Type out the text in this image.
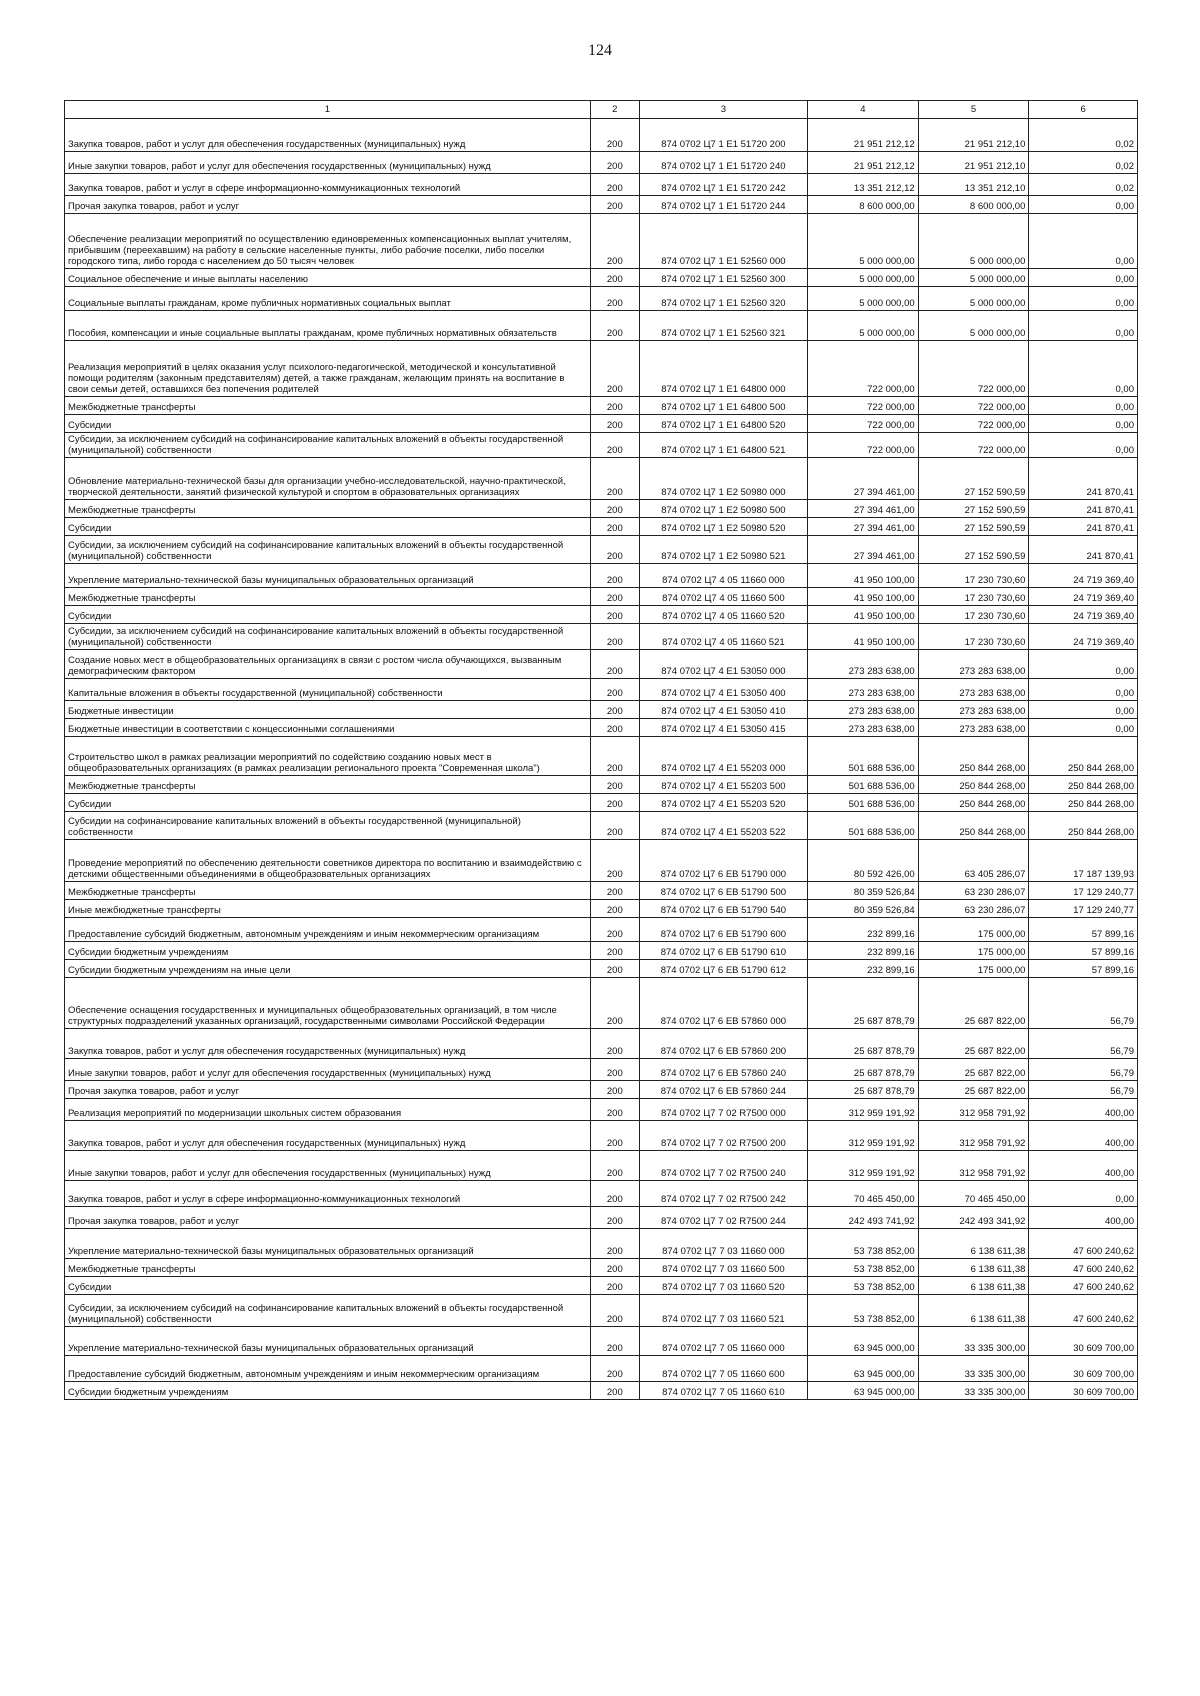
124
1	2	3	4	5	6
Закупка товаров, работ и услуг для обеспечения государственных (муниципальных) нужд	200	874 0702 Ц7 1 Е1 51720 200	21 951 212,12	21 951 212,10	0,02
Иные закупки товаров, работ и услуг для обеспечения государственных (муниципальных) нужд	200	874 0702 Ц7 1 Е1 51720 240	21 951 212,12	21 951 212,10	0,02
Закупка товаров, работ и услуг в сфере информационно-коммуникационных технологий	200	874 0702 Ц7 1 Е1 51720 242	13 351 212,12	13 351 212,10	0,02
Прочая закупка товаров, работ и услуг	200	874 0702 Ц7 1 Е1 51720 244	8 600 000,00	8 600 000,00	0,00
Обеспечение реализации мероприятий по осуществлению единовременных компенсационных выплат учителям, прибывшим (переехавшим) на работу в сельские населенные пункты, либо рабочие поселки, либо поселки городского типа, либо города с населением до 50 тысяч человек	200	874 0702 Ц7 1 Е1 52560 000	5 000 000,00	5 000 000,00	0,00
Социальное обеспечение и иные выплаты населению	200	874 0702 Ц7 1 Е1 52560 300	5 000 000,00	5 000 000,00	0,00
Социальные выплаты гражданам, кроме публичных нормативных социальных выплат	200	874 0702 Ц7 1 Е1 52560 320	5 000 000,00	5 000 000,00	0,00
Пособия, компенсации и иные социальные выплаты гражданам, кроме публичных нормативных обязательств	200	874 0702 Ц7 1 Е1 52560 321	5 000 000,00	5 000 000,00	0,00
Реализация мероприятий в целях оказания услуг психолого-педагогической, методической и консультативной помощи родителям (законным представителям) детей, а также гражданам, желающим принять на воспитание в свои семьи детей, оставшихся без попечения родителей	200	874 0702 Ц7 1 Е1 64800 000	722 000,00	722 000,00	0,00
Межбюджетные трансферты	200	874 0702 Ц7 1 Е1 64800 500	722 000,00	722 000,00	0,00
Субсидии	200	874 0702 Ц7 1 Е1 64800 520	722 000,00	722 000,00	0,00
Субсидии, за исключением субсидий на софинансирование капитальных вложений в объекты государственной (муниципальной) собственности	200	874 0702 Ц7 1 Е1 64800 521	722 000,00	722 000,00	0,00
Обновление материально-технической базы для организации учебно-исследовательской, научно-практической, творческой деятельности, занятий физической культурой и спортом в образовательных организациях	200	874 0702 Ц7 1 Е2 50980 000	27 394 461,00	27 152 590,59	241 870,41
Межбюджетные трансферты	200	874 0702 Ц7 1 Е2 50980 500	27 394 461,00	27 152 590,59	241 870,41
Субсидии	200	874 0702 Ц7 1 Е2 50980 520	27 394 461,00	27 152 590,59	241 870,41
Субсидии, за исключением субсидий на софинансирование капитальных вложений в объекты государственной (муниципальной) собственности	200	874 0702 Ц7 1 Е2 50980 521	27 394 461,00	27 152 590,59	241 870,41
Укрепление материально-технической базы муниципальных образовательных организаций	200	874 0702 Ц7 4 05 11660 000	41 950 100,00	17 230 730,60	24 719 369,40
Межбюджетные трансферты	200	874 0702 Ц7 4 05 11660 500	41 950 100,00	17 230 730,60	24 719 369,40
Субсидии	200	874 0702 Ц7 4 05 11660 520	41 950 100,00	17 230 730,60	24 719 369,40
Субсидии, за исключением субсидий на софинансирование капитальных вложений в объекты государственной (муниципальной) собственности	200	874 0702 Ц7 4 05 11660 521	41 950 100,00	17 230 730,60	24 719 369,40
Создание новых мест в общеобразовательных организациях в связи с ростом числа обучающихся, вызванным демографическим фактором	200	874 0702 Ц7 4 Е1 53050 000	273 283 638,00	273 283 638,00	0,00
Капитальные вложения в объекты государственной (муниципальной) собственности	200	874 0702 Ц7 4 Е1 53050 400	273 283 638,00	273 283 638,00	0,00
Бюджетные инвестиции	200	874 0702 Ц7 4 Е1 53050 410	273 283 638,00	273 283 638,00	0,00
Бюджетные инвестиции в соответствии с концессионными соглашениями	200	874 0702 Ц7 4 Е1 53050 415	273 283 638,00	273 283 638,00	0,00
Строительство школ в рамках реализации мероприятий по содействию созданию новых мест в общеобразовательных организациях (в рамках реализации регионального проекта "Современная школа")	200	874 0702 Ц7 4 Е1 55203 000	501 688 536,00	250 844 268,00	250 844 268,00
Межбюджетные трансферты	200	874 0702 Ц7 4 Е1 55203 500	501 688 536,00	250 844 268,00	250 844 268,00
Субсидии	200	874 0702 Ц7 4 Е1 55203 520	501 688 536,00	250 844 268,00	250 844 268,00
Субсидии на софинансирование капитальных вложений в объекты государственной (муниципальной) собственности	200	874 0702 Ц7 4 Е1 55203 522	501 688 536,00	250 844 268,00	250 844 268,00
Проведение мероприятий по обеспечению деятельности советников директора по воспитанию и взаимодействию с детскими общественными объединениями в общеобразовательных организациях	200	874 0702 Ц7 6 ЕВ 51790 000	80 592 426,00	63 405 286,07	17 187 139,93
Межбюджетные трансферты	200	874 0702 Ц7 6 ЕВ 51790 500	80 359 526,84	63 230 286,07	17 129 240,77
Иные межбюджетные трансферты	200	874 0702 Ц7 6 ЕВ 51790 540	80 359 526,84	63 230 286,07	17 129 240,77
Предоставление субсидий бюджетным, автономным учреждениям и иным некоммерческим организациям	200	874 0702 Ц7 6 ЕВ 51790 600	232 899,16	175 000,00	57 899,16
Субсидии бюджетным учреждениям	200	874 0702 Ц7 6 ЕВ 51790 610	232 899,16	175 000,00	57 899,16
Субсидии бюджетным учреждениям на иные цели	200	874 0702 Ц7 6 ЕВ 51790 612	232 899,16	175 000,00	57 899,16
Обеспечение оснащения государственных и муниципальных общеобразовательных организаций, в том числе структурных подразделений указанных организаций, государственными символами Российской Федерации	200	874 0702 Ц7 6 ЕВ 57860 000	25 687 878,79	25 687 822,00	56,79
Закупка товаров, работ и услуг для обеспечения государственных (муниципальных) нужд	200	874 0702 Ц7 6 ЕВ 57860 200	25 687 878,79	25 687 822,00	56,79
Иные закупки товаров, работ и услуг для обеспечения государственных (муниципальных) нужд	200	874 0702 Ц7 6 ЕВ 57860 240	25 687 878,79	25 687 822,00	56,79
Прочая закупка товаров, работ и услуг	200	874 0702 Ц7 6 ЕВ 57860 244	25 687 878,79	25 687 822,00	56,79
Реализация мероприятий по модернизации школьных систем образования	200	874 0702 Ц7 7 02 R7500 000	312 959 191,92	312 958 791,92	400,00
Закупка товаров, работ и услуг для обеспечения государственных (муниципальных) нужд	200	874 0702 Ц7 7 02 R7500 200	312 959 191,92	312 958 791,92	400,00
Иные закупки товаров, работ и услуг для обеспечения государственных (муниципальных) нужд	200	874 0702 Ц7 7 02 R7500 240	312 959 191,92	312 958 791,92	400,00
Закупка товаров, работ и услуг в сфере информационно-коммуникационных технологий	200	874 0702 Ц7 7 02 R7500 242	70 465 450,00	70 465 450,00	0,00
Прочая закупка товаров, работ и услуг	200	874 0702 Ц7 7 02 R7500 244	242 493 741,92	242 493 341,92	400,00
Укрепление материально-технической базы муниципальных образовательных организаций	200	874 0702 Ц7 7 03 11660 000	53 738 852,00	6 138 611,38	47 600 240,62
Межбюджетные трансферты	200	874 0702 Ц7 7 03 11660 500	53 738 852,00	6 138 611,38	47 600 240,62
Субсидии	200	874 0702 Ц7 7 03 11660 520	53 738 852,00	6 138 611,38	47 600 240,62
Субсидии, за исключением субсидий на софинансирование капитальных вложений в объекты государственной (муниципальной) собственности	200	874 0702 Ц7 7 03 11660 521	53 738 852,00	6 138 611,38	47 600 240,62
Укрепление материально-технической базы муниципальных образовательных организаций	200	874 0702 Ц7 7 05 11660 000	63 945 000,00	33 335 300,00	30 609 700,00
Предоставление субсидий бюджетным, автономным учреждениям и иным некоммерческим организациям	200	874 0702 Ц7 7 05 11660 600	63 945 000,00	33 335 300,00	30 609 700,00
Субсидии бюджетным учреждениям	200	874 0702 Ц7 7 05 11660 610	63 945 000,00	33 335 300,00	30 609 700,00
